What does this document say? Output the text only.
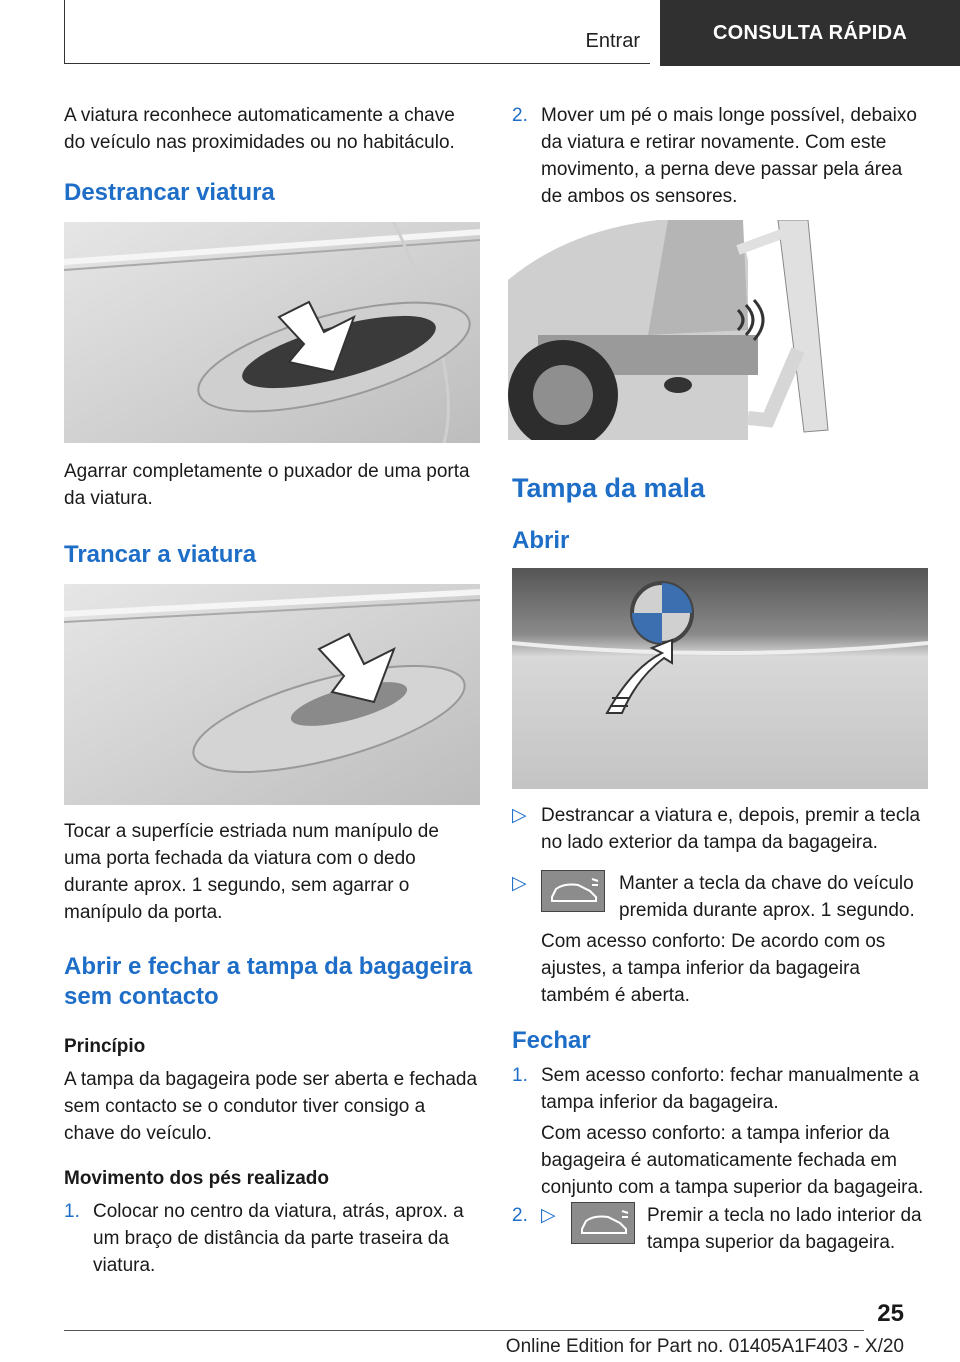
Entrar	CONSULTA RÁPIDA

A viatura reconhece automaticamente a chave do veículo nas proximidades ou no habitáculo.

Destrancar viatura

Agarrar completamente o puxador de uma porta da viatura.

Trancar a viatura

Tocar a superfície estriada num manípulo de uma porta fechada da viatura com o dedo durante aprox. 1 segundo, sem agarrar o manípulo da porta.

Abrir e fechar a tampa da bagageira sem contacto
Princípio

A tampa da bagageira pode ser aberta e fechada sem contacto se o condutor tiver consigo a chave do veículo.

Movimento dos pés realizado
1. Colocar no centro da viatura, atrás, aprox. a um braço de distância da parte traseira da viatura.
2. Mover um pé o mais longe possível, debaixo da viatura e retirar novamente. Com este movimento, a perna deve passar pela área de ambos os sensores.
Tampa da mala
Abrir
▷ Destrancar a viatura e, depois, premir a tecla no lado exterior da tampa da bagageira.
▷	Manter a tecla da chave do veículo premida durante aprox. 1 segundo.

Com acesso conforto: De acordo com os ajustes, a tampa inferior da bagageira também é aberta.

Fechar
1. Sem acesso conforto: fechar manualmente a tampa inferior da bagageira.

Com acesso conforto: a tampa inferior da bagageira é automaticamente fechada em conjunto com a tampa superior da bagageira.

2. ▷	Premir a tecla no lado interior da tampa superior da bagageira.
25
Online Edition for Part no. 01405A1F403 - X/20
